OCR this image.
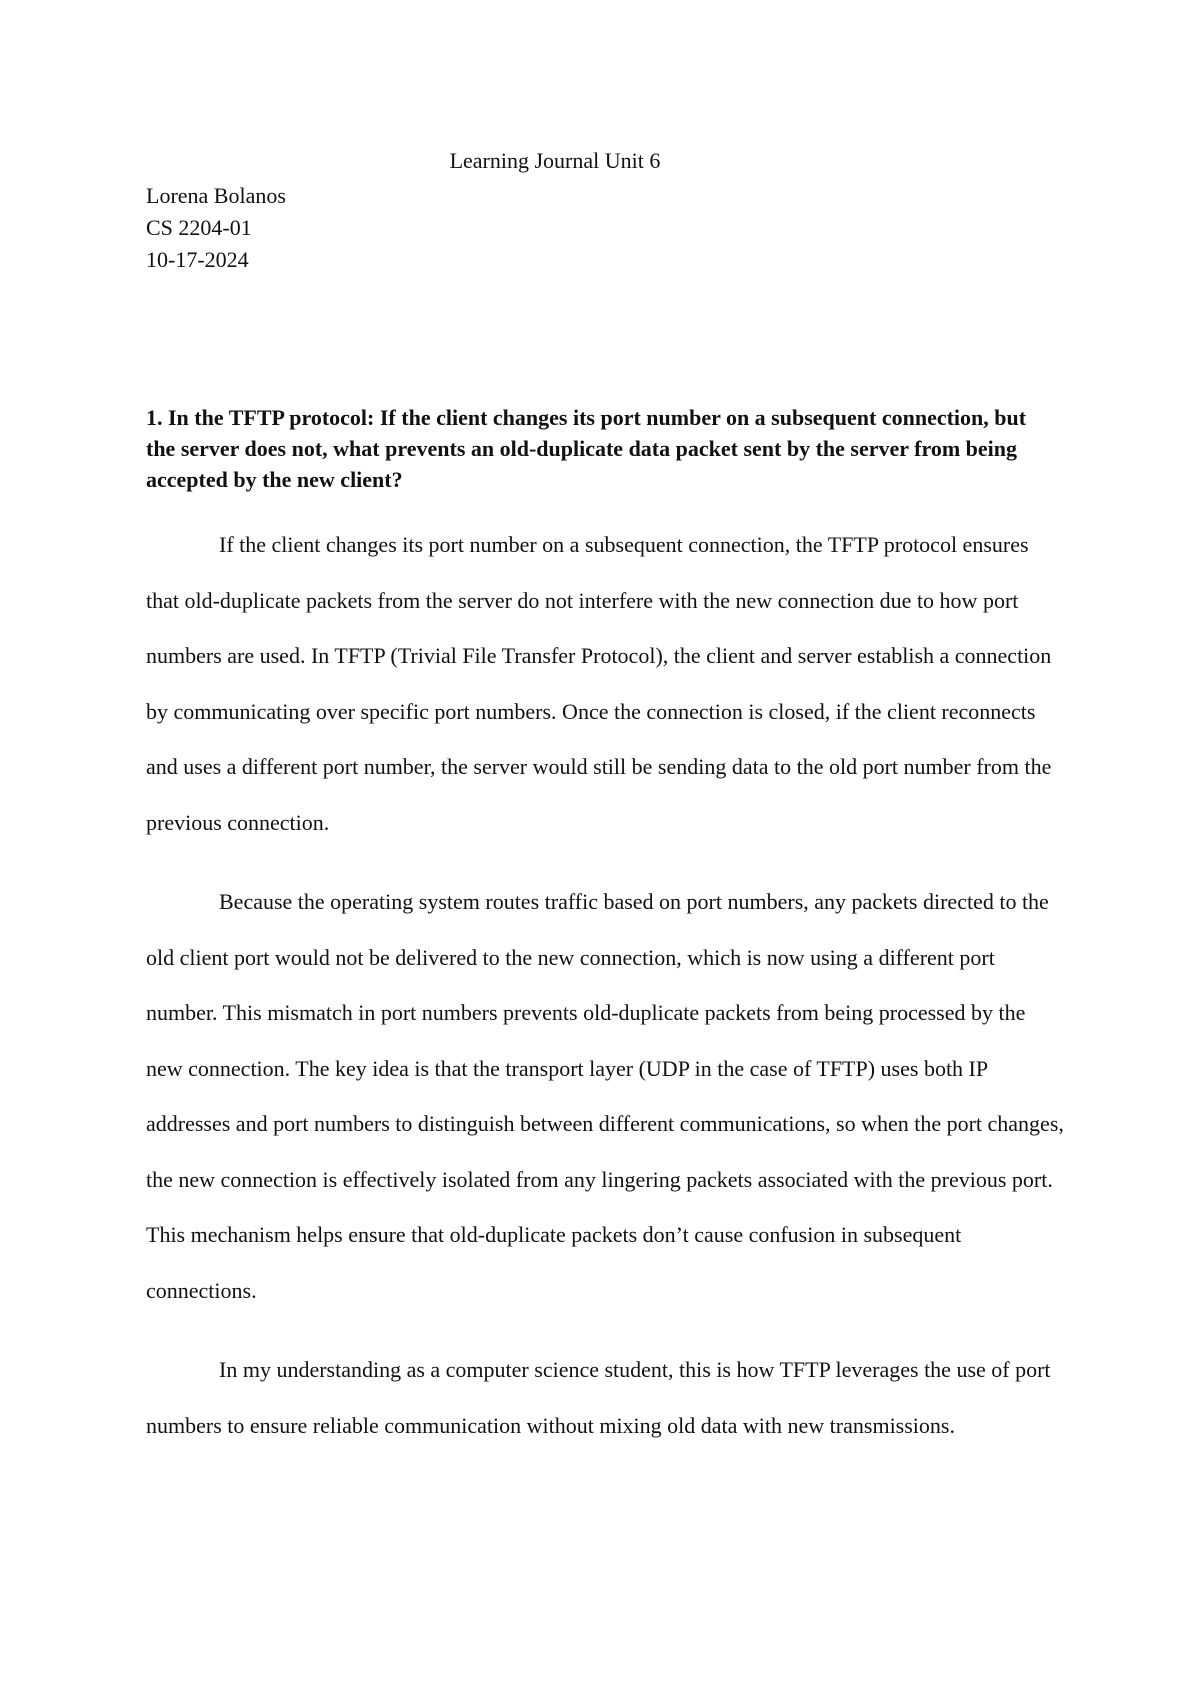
Learning Journal Unit 6
Lorena Bolanos
CS 2204-01
10-17-2024

1. In the TFTP protocol: If the client changes its port number on a subsequent connection, but the server does not, what prevents an old-duplicate data packet sent by the server from being accepted by the new client?

If the client changes its port number on a subsequent connection, the TFTP protocol ensures that old-duplicate packets from the server do not interfere with the new connection due to how port numbers are used. In TFTP (Trivial File Transfer Protocol), the client and server establish a connection by communicating over specific port numbers. Once the connection is closed, if the client reconnects and uses a different port number, the server would still be sending data to the old port number from the previous connection.

Because the operating system routes traffic based on port numbers, any packets directed to the old client port would not be delivered to the new connection, which is now using a different port number. This mismatch in port numbers prevents old-duplicate packets from being processed by the new connection. The key idea is that the transport layer (UDP in the case of TFTP) uses both IP addresses and port numbers to distinguish between different communications, so when the port changes, the new connection is effectively isolated from any lingering packets associated with the previous port. This mechanism helps ensure that old-duplicate packets don’t cause confusion in subsequent connections.

In my understanding as a computer science student, this is how TFTP leverages the use of port numbers to ensure reliable communication without mixing old data with new transmissions.
